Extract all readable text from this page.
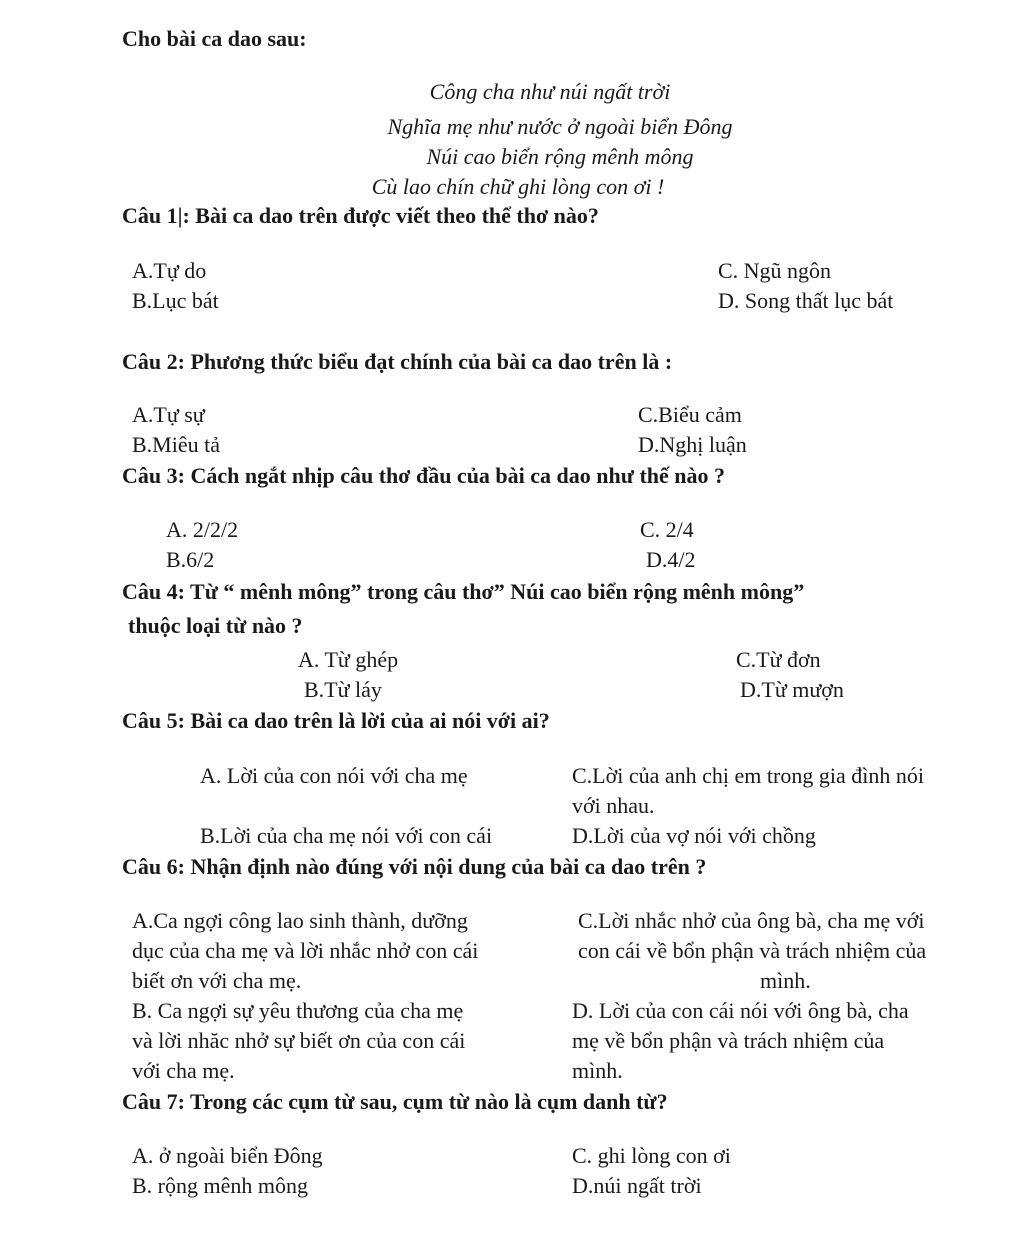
Cho bài ca dao sau:
Công cha như núi ngất trời
Nghĩa mẹ như nước ở ngoài biển Đông
Núi cao biển rộng mênh mông
Cù lao chín chữ ghi lòng con ơi !
Câu 1|: Bài ca dao trên được viết theo thể thơ nào?
A.Tự do
B.Lục bát
C. Ngũ ngôn
D. Song thất lục bát
Câu 2: Phương thức biểu đạt chính của bài ca dao trên là :
A.Tự sự
B.Miêu tả
C.Biểu cảm
D.Nghị luận
Câu 3: Cách ngắt nhịp câu thơ đầu của bài ca dao như thế nào ?
A. 2/2/2
B.6/2
C. 2/4
D.4/2
Câu 4: Từ “ mênh mông” trong câu thơ” Núi cao biển rộng mênh mông”
thuộc loại từ nào ?
A. Từ ghép
B.Từ láy
C.Từ đơn
D.Từ mượn
Câu 5: Bài ca dao trên là lời của ai nói với ai?
A. Lời của con nói với cha mẹ	C.Lời của anh chị em trong gia đình nói
với nhau.
B.Lời của cha mẹ nói với con cái	D.Lời của vợ nói với chồng
Câu 6: Nhận định nào đúng với nội dung của bài ca dao trên ?
A.Ca ngợi công lao sinh thành, dưỡng
dục của cha mẹ và lời nhắc nhở con cái
biết ơn với cha mẹ.
C.Lời nhắc nhở của ông bà, cha mẹ với
con cái về bổn phận và trách nhiệm của
mình.
B. Ca ngợi sự yêu thương của cha mẹ
và lời nhăc nhở sự biết ơn của con cái
với cha mẹ.
D. Lời của con cái nói với ông bà, cha
mẹ về bổn phận và trách nhiệm của
mình.
Câu 7: Trong các cụm từ sau, cụm từ nào là cụm danh từ?
A. ở ngoài biển Đông
B. rộng mênh mông
C. ghi lòng con ơi
D.núi ngất trời
